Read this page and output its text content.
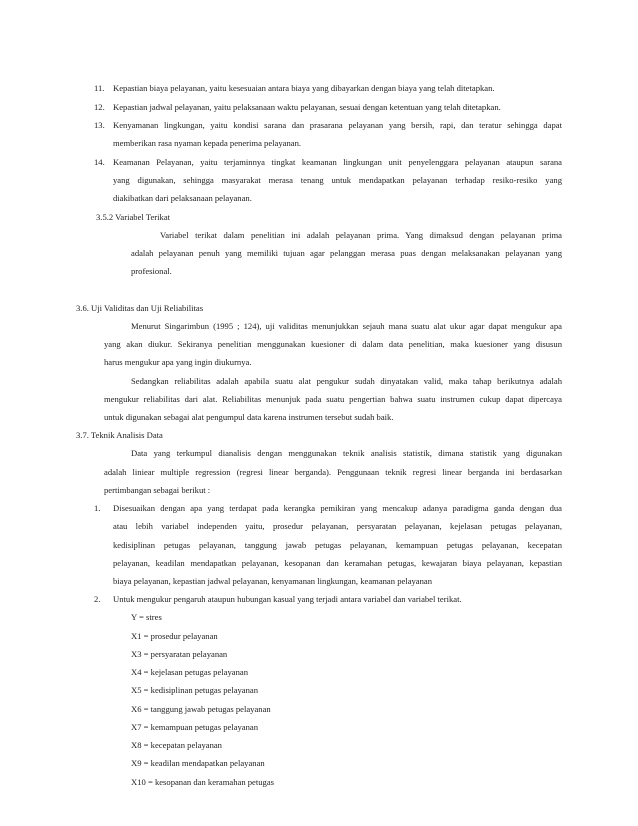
11. Kepastian biaya pelayanan, yaitu kesesuaian antara biaya yang dibayarkan dengan biaya yang telah ditetapkan.
12. Kepastian jadwal pelayanan, yaitu pelaksanaan waktu pelayanan, sesuai dengan ketentuan yang telah ditetapkan.
13. Kenyamanan lingkungan, yaitu kondisi sarana dan prasarana pelayanan yang bersih, rapi, dan teratur sehingga dapat
memberikan rasa nyaman kepada penerima pelayanan.
14. Keamanan Pelayanan, yaitu terjaminnya tingkat keamanan lingkungan unit penyelenggara pelayanan ataupun sarana
yang digunakan, sehingga masyarakat merasa tenang untuk mendapatkan pelayanan terhadap resiko-resiko yang
diakibatkan dari pelaksanaan pelayanan.
3.5.2 Variabel Terikat
Variabel terikat dalam penelitian ini adalah pelayanan prima. Yang dimaksud dengan pelayanan prima
adalah pelayanan penuh yang memiliki tujuan agar pelanggan merasa puas dengan melaksanakan pelayanan yang
profesional.
3.6. Uji Validitas dan Uji Reliabilitas
Menurut Singarimbun (1995 ; 124), uji validitas menunjukkan sejauh mana suatu alat ukur agar dapat mengukur apa
yang akan diukur. Sekiranya penelitian menggunakan kuesioner di dalam data penelitian, maka kuesioner yang disusun
harus mengukur apa yang ingin diukurnya.
Sedangkan reliabilitas adalah apabila suatu alat pengukur sudah dinyatakan valid, maka tahap berikutnya adalah
mengukur reliabilitas dari alat. Reliabilitas menunjuk pada suatu pengertian bahwa suatu instrumen cukup dapat dipercaya
untuk digunakan sebagai alat pengumpul data karena instrumen tersebut sudah baik.
3.7. Teknik Analisis Data
Data yang terkumpul dianalisis dengan menggunakan teknik analisis statistik, dimana statistik yang digunakan
adalah liniear multiple regression (regresi linear berganda). Penggunaan teknik regresi linear berganda ini berdasarkan
pertimbangan sebagai berikut :
1. Disesuaikan dengan apa yang terdapat pada kerangka pemikiran yang mencakup adanya paradigma ganda dengan dua
atau lebih variabel independen yaitu, prosedur pelayanan, persyaratan pelayanan, kejelasan petugas pelayanan,
kedisiplinan petugas pelayanan, tanggung jawab petugas pelayanan, kemampuan petugas pelayanan, kecepatan
pelayanan, keadilan mendapatkan pelayanan, kesopanan dan keramahan petugas, kewajaran biaya pelayanan, kepastian
biaya pelayanan, kepastian jadwal pelayanan, kenyamanan lingkungan, keamanan pelayanan
2. Untuk mengukur pengaruh ataupun hubungan kasual yang terjadi antara variabel dan variabel terikat.
Y = stres
X1 = prosedur pelayanan
X3 = persyaratan pelayanan
X4 = kejelasan petugas pelayanan
X5 = kedisiplinan petugas pelayanan
X6 = tanggung jawab petugas pelayanan
X7 = kemampuan petugas pelayanan
X8 = kecepatan pelayanan
X9 = keadilan mendapatkan pelayanan
X10 = kesopanan dan keramahan petugas
